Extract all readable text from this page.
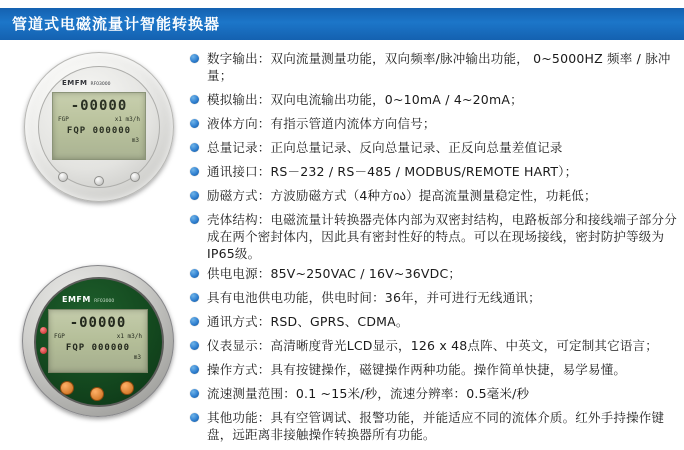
管道式电磁流量计智能转换器
EMFM RF03000
-00000
FGP	x1 m3/h
FQP 000000
m3
数字输出：双向流量测量功能，双向频率/脉冲输出功能， 0~5000HZ 频率 / 脉冲量；
模拟输出：双向电流输出功能，0~10mA / 4~20mA；
液体方向：有指示管道内流体方向信号；
总量记录：正向总量记录、反向总量记录、正反向总量差值记录
通讯接口：RS－232 / RS－485 / MODBUS/REMOTE HART）；
励磁方式：方波励磁方式（4种方ია）提高流量测量稳定性，功耗低；
壳体结构：电磁流量计转换器壳体内部为双密封结构，电路板部分和接线端子部分分成在两个密封体内，因此具有密封性好的特点。可以在现场接线，密封防护等级为IP65级。
EMFM RF03000
-00000
FGP	x1 m3/h
FQP 000000
m3
供电电源：85V~250VAC / 16V~36VDC；
具有电池供电功能，供电时间：36年，并可进行无线通讯；
通讯方式：RSD、GPRS、CDMA。
仪表显示：高清晰度背光LCD显示，126 x 48点阵、中英文，可定制其它语言；
操作方式：具有按键操作，磁键操作两种功能。操作简单快捷，易学易懂。
流速测量范围：0.1 ~15米/秒，流速分辨率：0.5毫米/秒
其他功能：具有空管调试、报警功能，并能适应不同的流体介质。红外手持操作键盘，远距离非接触操作转换器所有功能。
